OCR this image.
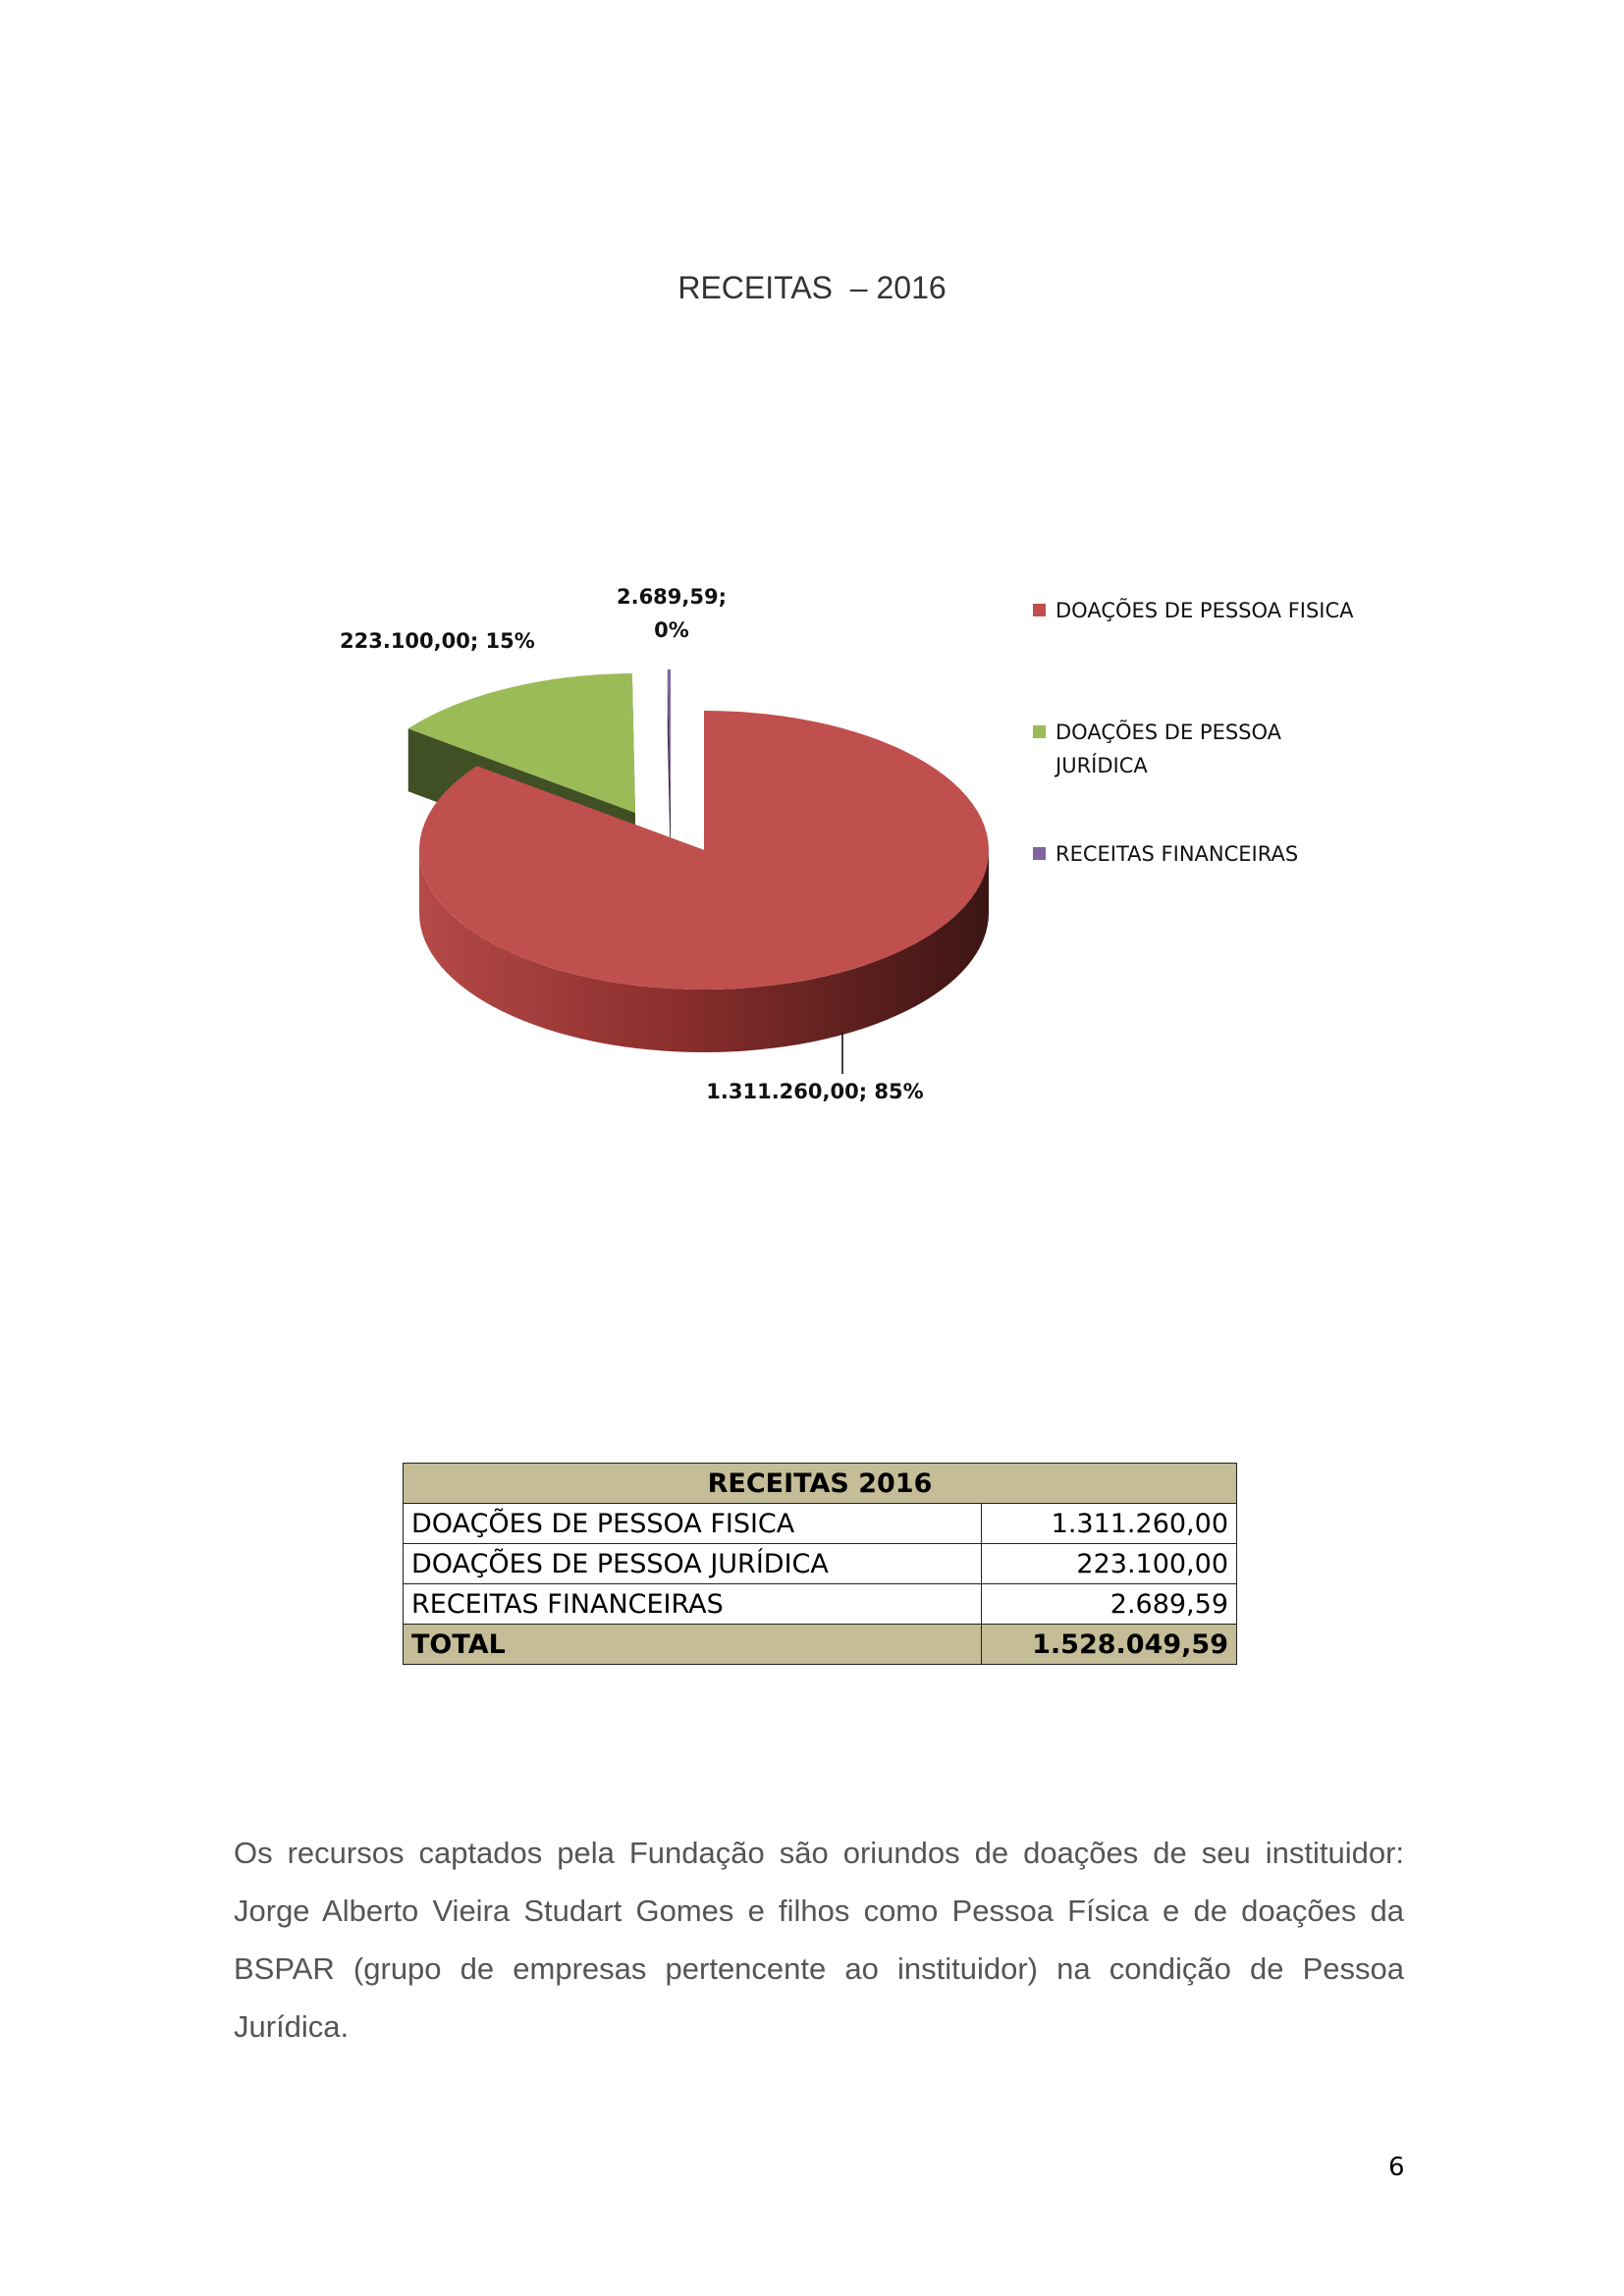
RECEITAS  – 2016
1.311.260,00; 85%
223.100,00; 15%
2.689,59; 0%
DOAÇÕES DE PESSOA FISICA
DOAÇÕES DE PESSOA JURÍDICA
RECEITAS FINANCEIRAS
RECEITAS 2016	
DOAÇÕES DE PESSOA FISICA	1.311.260,00
DOAÇÕES DE PESSOA JURÍDICA	223.100,00
RECEITAS FINANCEIRAS	2.689,59
TOTAL	1.528.049,59
Os recursos captados pela Fundação são oriundos de doações de seu instituidor: Jorge Alberto Vieira Studart Gomes e filhos como Pessoa Física e de doações da BSPAR (grupo de empresas pertencente ao instituidor) na condição de Pessoa Jurídica.
6
